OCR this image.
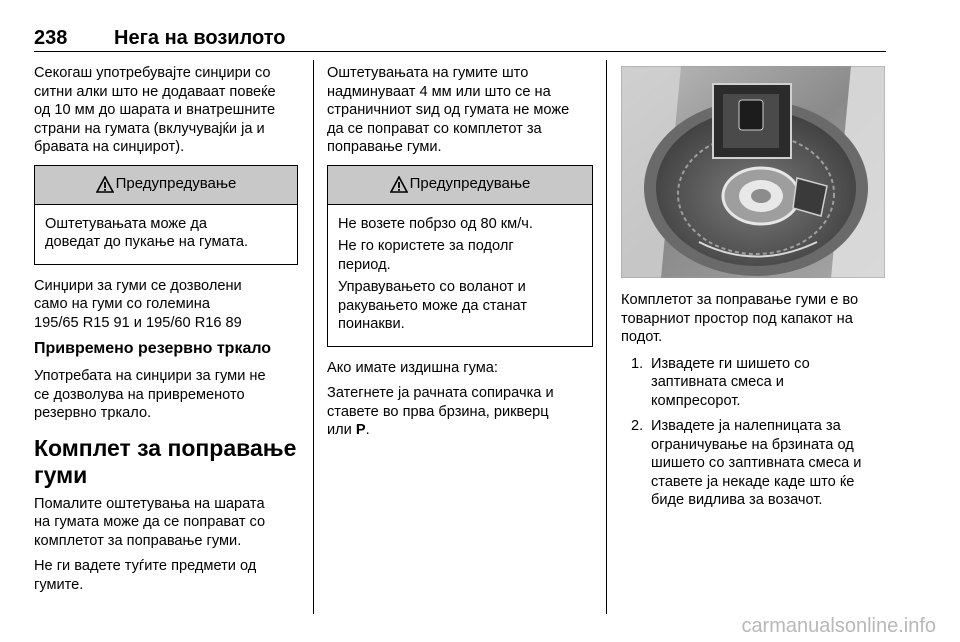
238 Нега на возилото

Секогаш употребувајте синџири со
ситни алки што не додаваат повеќе
од 10 мм до шарата и внатрешните
страни на гумата (вклучувајќи ја и
бравата на синџирот).

Предупредување

Оштетувањата може да
доведат до пукање на гумата.

Синџири за гуми се дозволени
само на гуми со големина
195/65 R15 91 и 195/60 R16 89

Привремено резервно тркало

Употребата на синџири за гуми не
се дозволува на привременото
резервно тркало.

Комплет за поправање
гуми

Помалите оштетувања на шарата
на гумата може да се поправат со
комплетот за поправање гуми.

Не ги вадете туѓите предмети од
гумите.

Оштетувањата на гумите што
надминуваат 4 мм или што се на
страничниот ѕид од гумата не може
да се поправат со комплетот за
поправање гуми.

Предупредување

Не возете побрзо од 80 км/ч.

Не го користете за подолг
период.

Управувањето со воланот и
ракувањето може да станат
поинакви.

Ако имате издишна гума:

Затегнете ја рачната сопирачка и
ставете во прва брзина, рикверц
или P.

Комплетот за поправање гуми е во
товарниот простор под капакот на
подот.

1. Извадете ги шишето со
заптивната смеса и
компресорот.
2. Извадете ја налепницата за
ограничување на брзината од
шишето со заптивната смеса и
ставете ја некаде каде што ќе
биде видлива за возачот.
carmanualsonline.info
